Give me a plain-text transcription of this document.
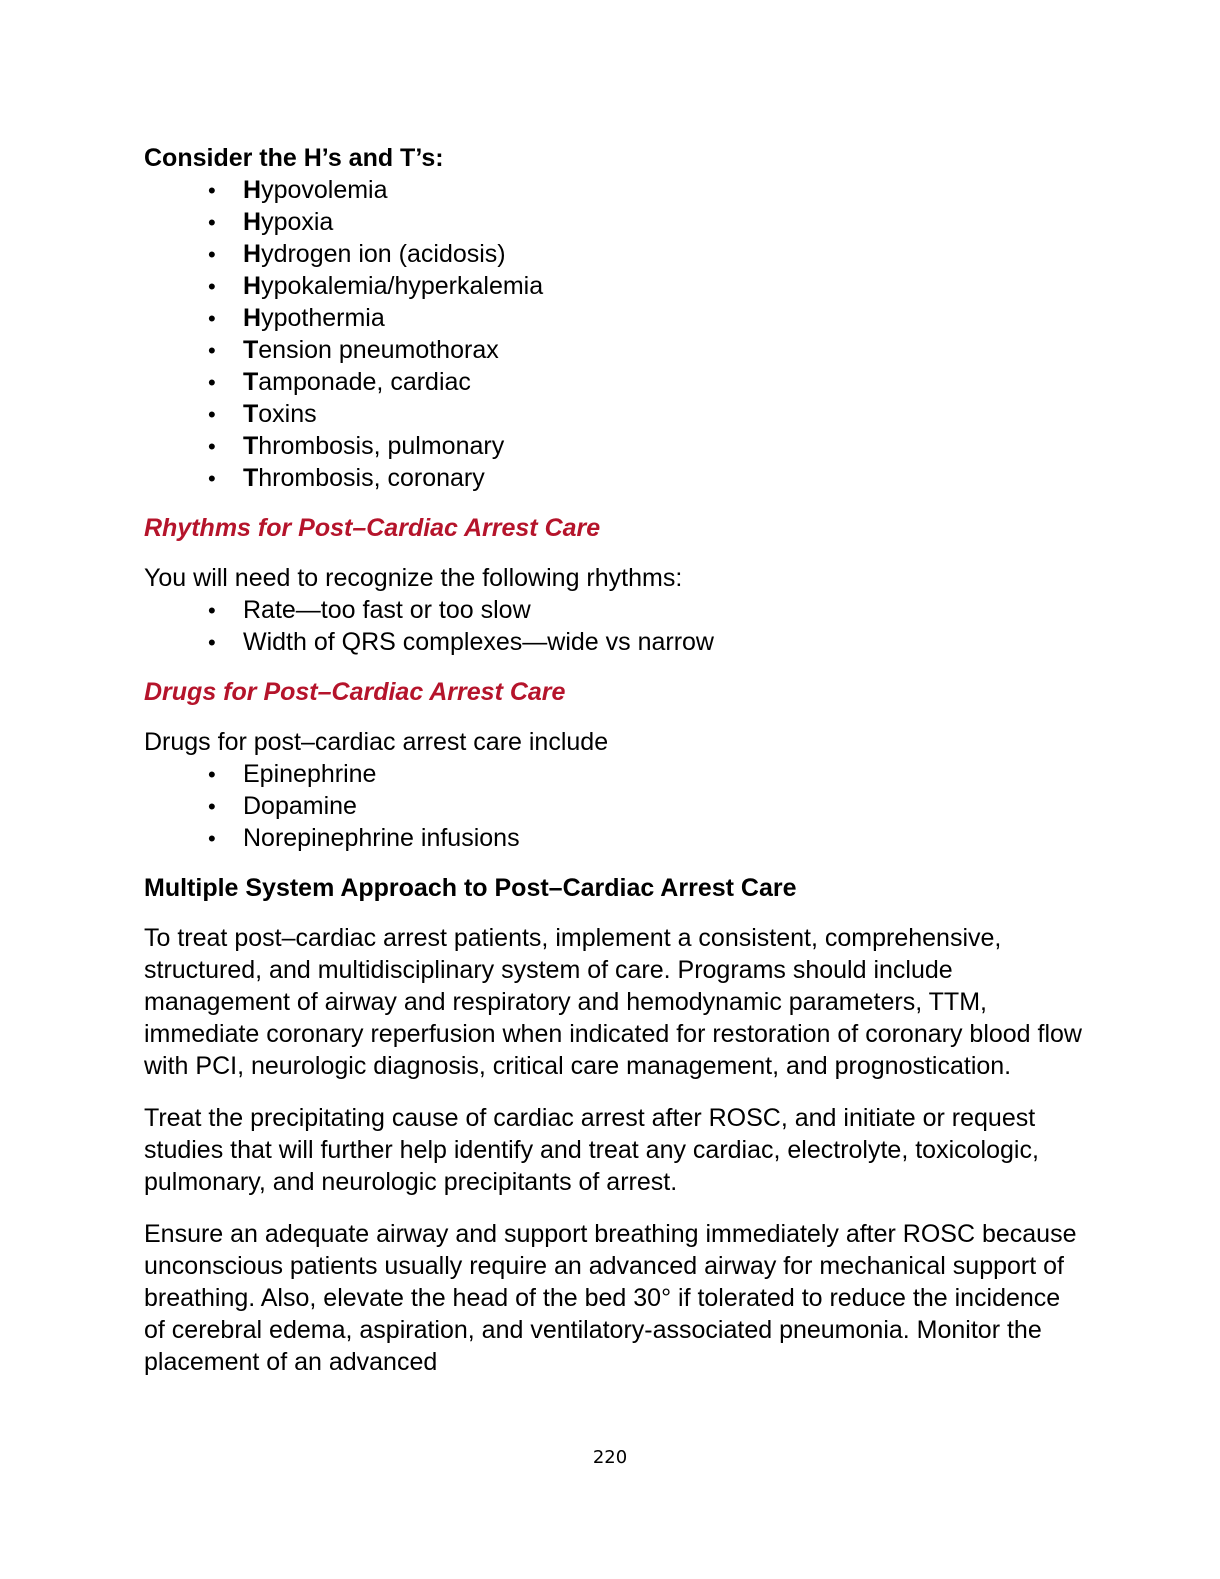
Consider the H’s and T’s:

• Hypovolemia
• Hypoxia
• Hydrogen ion (acidosis)
• Hypokalemia/hyperkalemia
• Hypothermia
• Tension pneumothorax
• Tamponade, cardiac
• Toxins
• Thrombosis, pulmonary
• Thrombosis, coronary

Rhythms for Post–Cardiac Arrest Care

You will need to recognize the following rhythms:

• Rate—too fast or too slow
• Width of QRS complexes—wide vs narrow

Drugs for Post–Cardiac Arrest Care

Drugs for post–cardiac arrest care include

• Epinephrine
• Dopamine
• Norepinephrine infusions

Multiple System Approach to Post–Cardiac Arrest Care

To treat post–cardiac arrest patients, implement a consistent, comprehensive, structured, and multidisciplinary system of care. Programs should include management of airway and respiratory and hemodynamic parameters, TTM, immediate coronary reperfusion when indicated for restoration of coronary blood flow with PCI, neurologic diagnosis, critical care management, and prognostication.

Treat the precipitating cause of cardiac arrest after ROSC, and initiate or request studies that will further help identify and treat any cardiac, electrolyte, toxicologic, pulmonary, and neurologic precipitants of arrest.

Ensure an adequate airway and support breathing immediately after ROSC because unconscious patients usually require an advanced airway for mechanical support of breathing. Also, elevate the head of the bed 30° if tolerated to reduce the incidence of cerebral edema, aspiration, and ventilatory-associated pneumonia. Monitor the placement of an advanced

220
